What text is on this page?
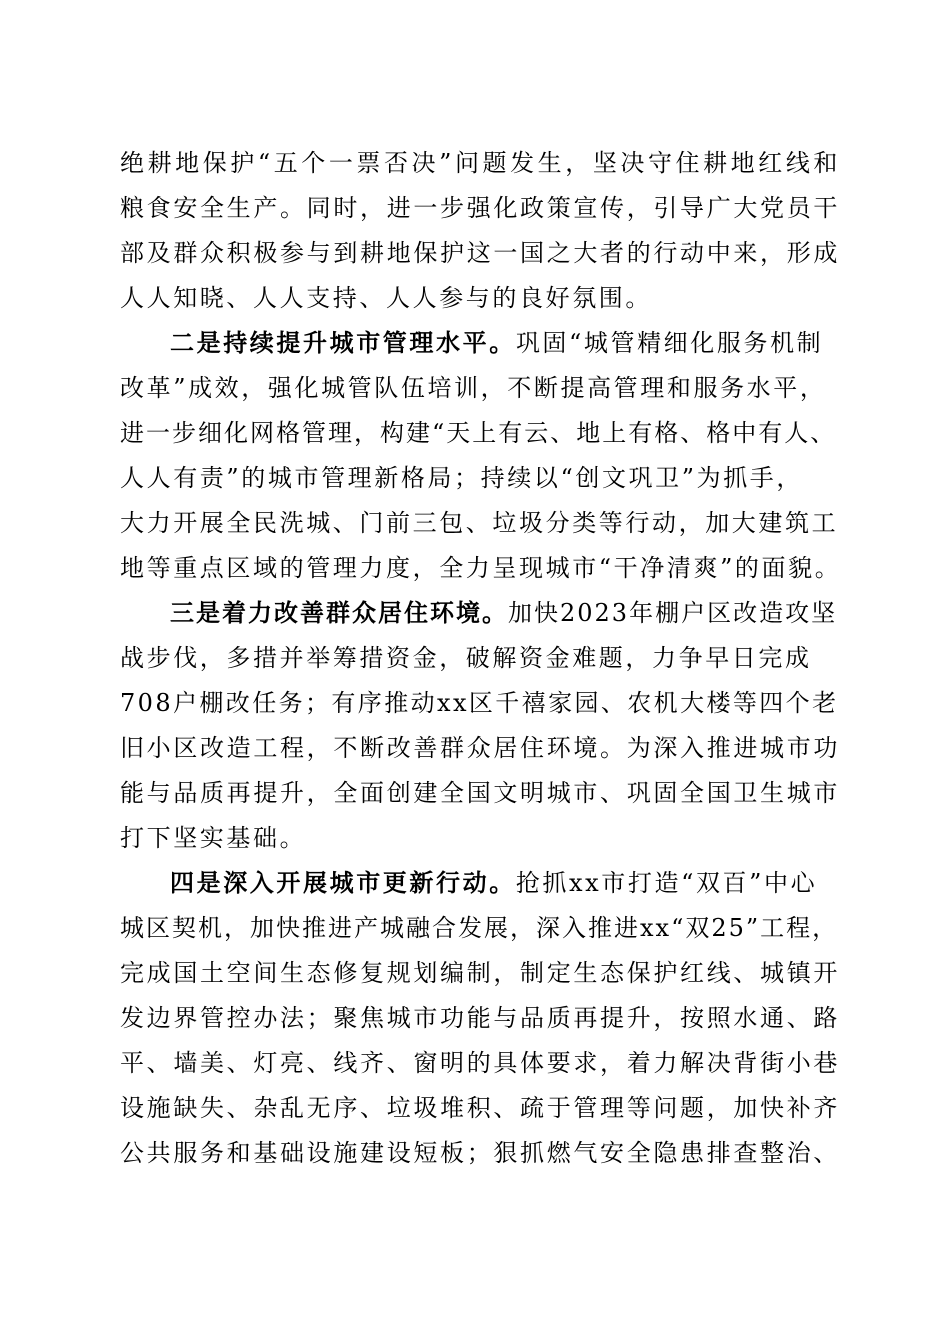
绝耕地保护“五个一票否决”问题发生，坚决守住耕地红线和
粮食安全生产。同时，进一步强化政策宣传，引导广大党员干
部及群众积极参与到耕地保护这一国之大者的行动中来，形成
人人知晓、人人支持、人人参与的良好氛围。
二是持续提升城市管理水平。巩固“城管精细化服务机制
改革”成效，强化城管队伍培训，不断提高管理和服务水平，
进一步细化网格管理，构建“天上有云、地上有格、格中有人、
人人有责”的城市管理新格局；持续以“创文巩卫”为抓手，
大力开展全民洗城、门前三包、垃圾分类等行动，加大建筑工
地等重点区域的管理力度，全力呈现城市“干净清爽”的面貌。
三是着力改善群众居住环境。加快2023年棚户区改造攻坚
战步伐，多措并举筹措资金，破解资金难题，力争早日完成
708户棚改任务；有序推动xx区千禧家园、农机大楼等四个老
旧小区改造工程，不断改善群众居住环境。为深入推进城市功
能与品质再提升，全面创建全国文明城市、巩固全国卫生城市
打下坚实基础。
四是深入开展城市更新行动。抢抓xx市打造“双百”中心
城区契机，加快推进产城融合发展，深入推进xx“双25”工程，
完成国土空间生态修复规划编制，制定生态保护红线、城镇开
发边界管控办法；聚焦城市功能与品质再提升，按照水通、路
平、墙美、灯亮、线齐、窗明的具体要求，着力解决背街小巷
设施缺失、杂乱无序、垃圾堆积、疏于管理等问题，加快补齐
公共服务和基础设施建设短板；狠抓燃气安全隐患排查整治、
